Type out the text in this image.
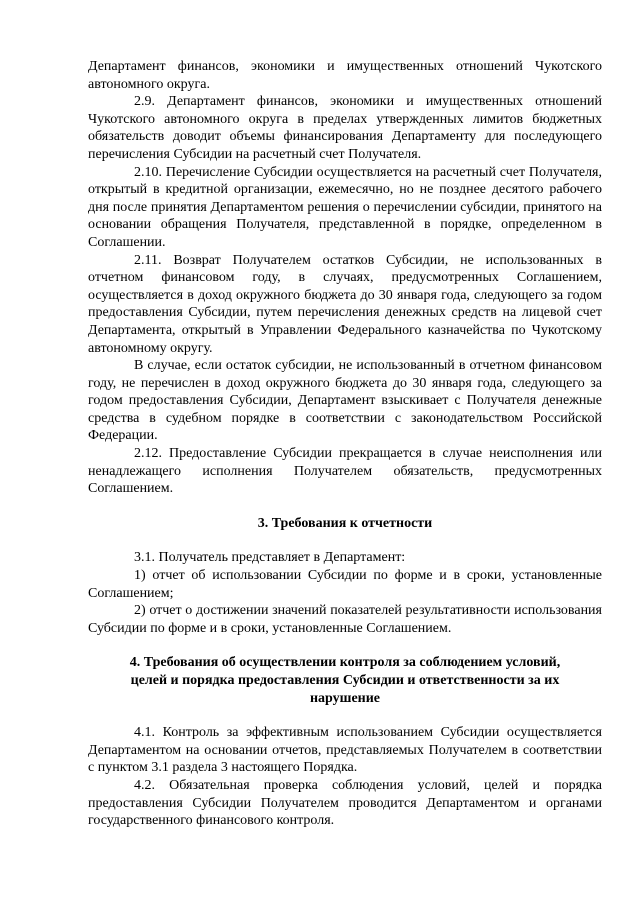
Департамент финансов, экономики и имущественных отношений Чукотского автономного округа.

2.9. Департамент финансов, экономики и имущественных отношений Чукотского автономного округа в пределах утвержденных лимитов бюджетных обязательств доводит объемы финансирования Департаменту для последующего перечисления Субсидии на расчетный счет Получателя.

2.10. Перечисление Субсидии осуществляется на расчетный счет Получателя, открытый в кредитной организации, ежемесячно, но не позднее десятого рабочего дня после принятия Департаментом решения о перечислении субсидии, принятого на основании обращения Получателя, представленной в порядке, определенном в Соглашении.

2.11. Возврат Получателем остатков Субсидии, не использованных в отчетном финансовом году, в случаях, предусмотренных Соглашением, осуществляется в доход окружного бюджета до 30 января года, следующего за годом предоставления Субсидии, путем перечисления денежных средств на лицевой счет Департамента, открытый в Управлении Федерального казначейства по Чукотскому автономному округу.

В случае, если остаток субсидии, не использованный в отчетном финансовом году, не перечислен в доход окружного бюджета до 30 января года, следующего за годом предоставления Субсидии, Департамент взыскивает с Получателя денежные средства в судебном порядке в соответствии с законодательством Российской Федерации.

2.12. Предоставление Субсидии прекращается в случае неисполнения или ненадлежащего исполнения Получателем обязательств, предусмотренных Соглашением.

3. Требования к отчетности

3.1. Получатель представляет в Департамент:

1) отчет об использовании Субсидии по форме и в сроки, установленные Соглашением;

2) отчет о достижении значений показателей результативности использования Субсидии по форме и в сроки, установленные Соглашением.

4. Требования об осуществлении контроля за соблюдением условий, целей и порядка предоставления Субсидии и ответственности за их нарушение

4.1. Контроль за эффективным использованием Субсидии осуществляется Департаментом на основании отчетов, представляемых Получателем в соответствии с пунктом 3.1 раздела 3 настоящего Порядка.

4.2. Обязательная проверка соблюдения условий, целей и порядка предоставления Субсидии Получателем проводится Департаментом и органами государственного финансового контроля.
